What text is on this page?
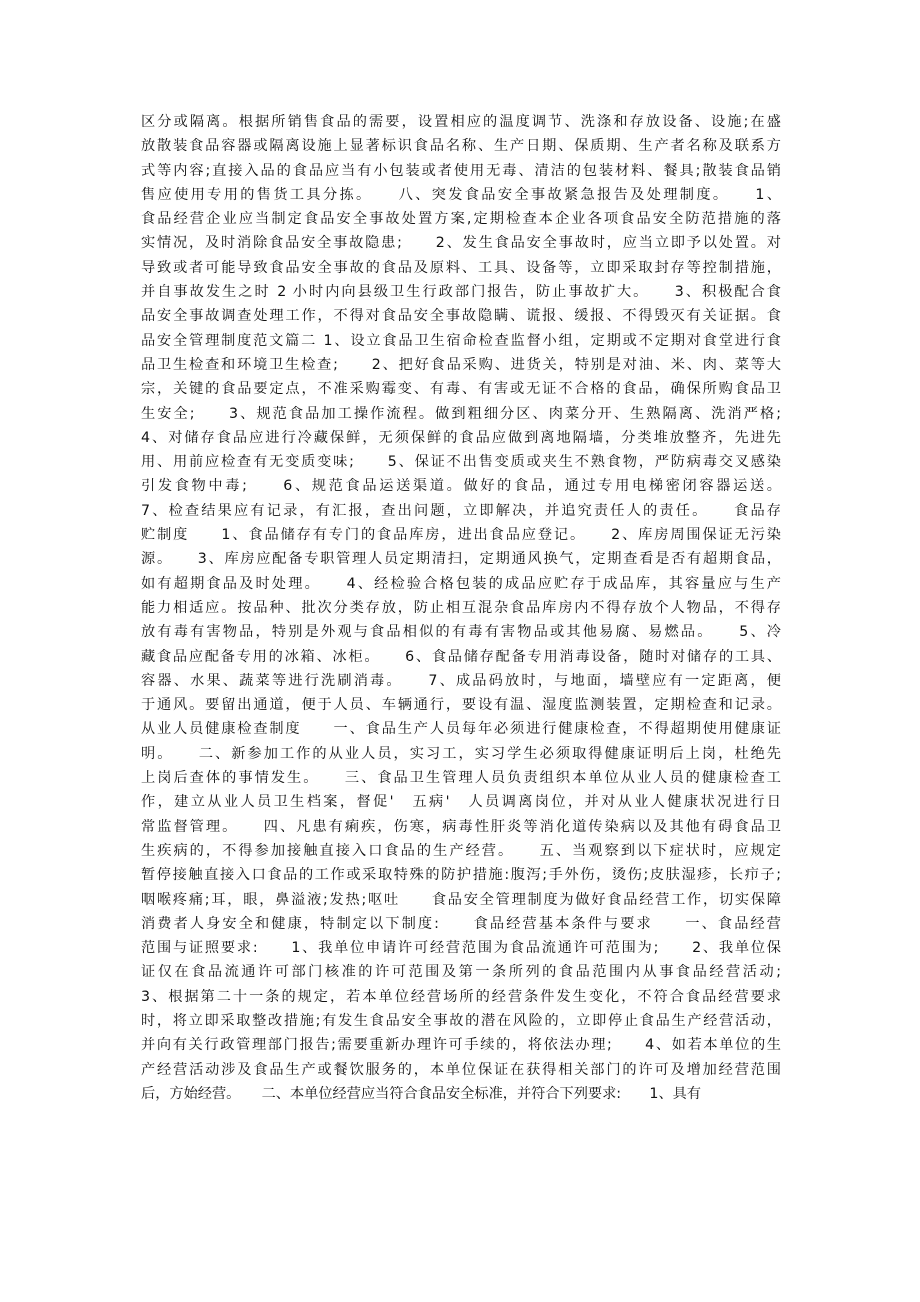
区分或隔离。根据所销售食品的需要，设置相应的温度调节、洗涤和存放设备、设施;在盛
放散装食品容器或隔离设施上显著标识食品名称、生产日期、保质期、生产者名称及联系方
式等内容;直接入品的食品应当有小包装或者使用无毒、清洁的包装材料、餐具;散装食品销
售应使用专用的售货工具分拣。　　八、突发食品安全事故紧急报告及处理制度。　　1、
食品经营企业应当制定食品安全事故处置方案,定期检查本企业各项食品安全防范措施的落
实情况，及时消除食品安全事故隐患;　　2、发生食品安全事故时，应当立即予以处置。对
导致或者可能导致食品安全事故的食品及原料、工具、设备等，立即采取封存等控制措施，
并自事故发生之时 2 小时内向县级卫生行政部门报告，防止事故扩大。　　3、积极配合食
品安全事故调查处理工作，不得对食品安全事故隐瞒、谎报、缓报、不得毁灭有关证据。食
品安全管理制度范文篇二 1、设立食品卫生宿命检查监督小组，定期或不定期对食堂进行食
品卫生检查和环境卫生检查;　　2、把好食品采购、进货关，特别是对油、米、肉、菜等大
宗，关键的食品要定点，不准采购霉变、有毒、有害或无证不合格的食品，确保所购食品卫
生安全;　　3、规范食品加工操作流程。做到粗细分区、肉菜分开、生熟隔离、洗消严格;
4、对储存食品应进行冷藏保鲜，无须保鲜的食品应做到离地隔墙，分类堆放整齐，先进先
用、用前应检查有无变质变味;　　5、保证不出售变质或夹生不熟食物，严防病毒交叉感染
引发食物中毒;　　6、规范食品运送渠道。做好的食品，通过专用电梯密闭容器运送。
7、检查结果应有记录，有汇报，查出问题，立即解决，并追究责任人的责任。　　食品存
贮制度　　1、食品储存有专门的食品库房，进出食品应登记。　　2、库房周围保证无污染
源。　　3、库房应配备专职管理人员定期清扫，定期通风换气，定期查看是否有超期食品，
如有超期食品及时处理。　　4、经检验合格包装的成品应贮存于成品库，其容量应与生产
能力相适应。按品种、批次分类存放，防止相互混杂食品库房内不得存放个人物品，不得存
放有毒有害物品，特别是外观与食品相似的有毒有害物品或其他易腐、易燃品。　　5、冷
藏食品应配备专用的冰箱、冰柜。　　6、食品储存配备专用消毒设备，随时对储存的工具、
容器、水果、蔬菜等进行洗刷消毒。　　7、成品码放时，与地面，墙壁应有一定距离，便
于通风。要留出通道，便于人员、车辆通行，要设有温、湿度监测装置，定期检查和记录。
从业人员健康检查制度　　一、食品生产人员每年必须进行健康检查，不得超期使用健康证
明。　　二、新参加工作的从业人员，实习工，实习学生必须取得健康证明后上岗，杜绝先
上岗后查体的事情发生。　　三、食品卫生管理人员负责组织本单位从业人员的健康检查工
作，建立从业人员卫生档案，督促'　五病'　人员调离岗位，并对从业人健康状况进行日
常监督管理。　　四、凡患有痢疾，伤寒，病毒性肝炎等消化道传染病以及其他有碍食品卫
生疾病的，不得参加接触直接入口食品的生产经营。　　五、当观察到以下症状时，应规定
暂停接触直接入口食品的工作或采取特殊的防护措施:腹泻;手外伤，烫伤;皮肤湿疹，长疖子;
咽喉疼痛;耳，眼，鼻溢液;发热;呕吐　　食品安全管理制度为做好食品经营工作，切实保障
消费者人身安全和健康，特制定以下制度:　　食品经营基本条件与要求　　一、食品经营
范围与证照要求:　　1、我单位申请许可经营范围为食品流通许可范围为;　　2、我单位保
证仅在食品流通许可部门核准的许可范围及第一条所列的食品范围内从事食品经营活动;
3、根据第二十一条的规定，若本单位经营场所的经营条件发生变化，不符合食品经营要求
时，将立即采取整改措施;有发生食品安全事故的潜在风险的，立即停止食品生产经营活动，
并向有关行政管理部门报告;需要重新办理许可手续的，将依法办理;　　4、如若本单位的生
产经营活动涉及食品生产或餐饮服务的，本单位保证在获得相关部门的许可及增加经营范围
后，方始经营。　　二、本单位经营应当符合食品安全标准，并符合下列要求:　　1、具有
